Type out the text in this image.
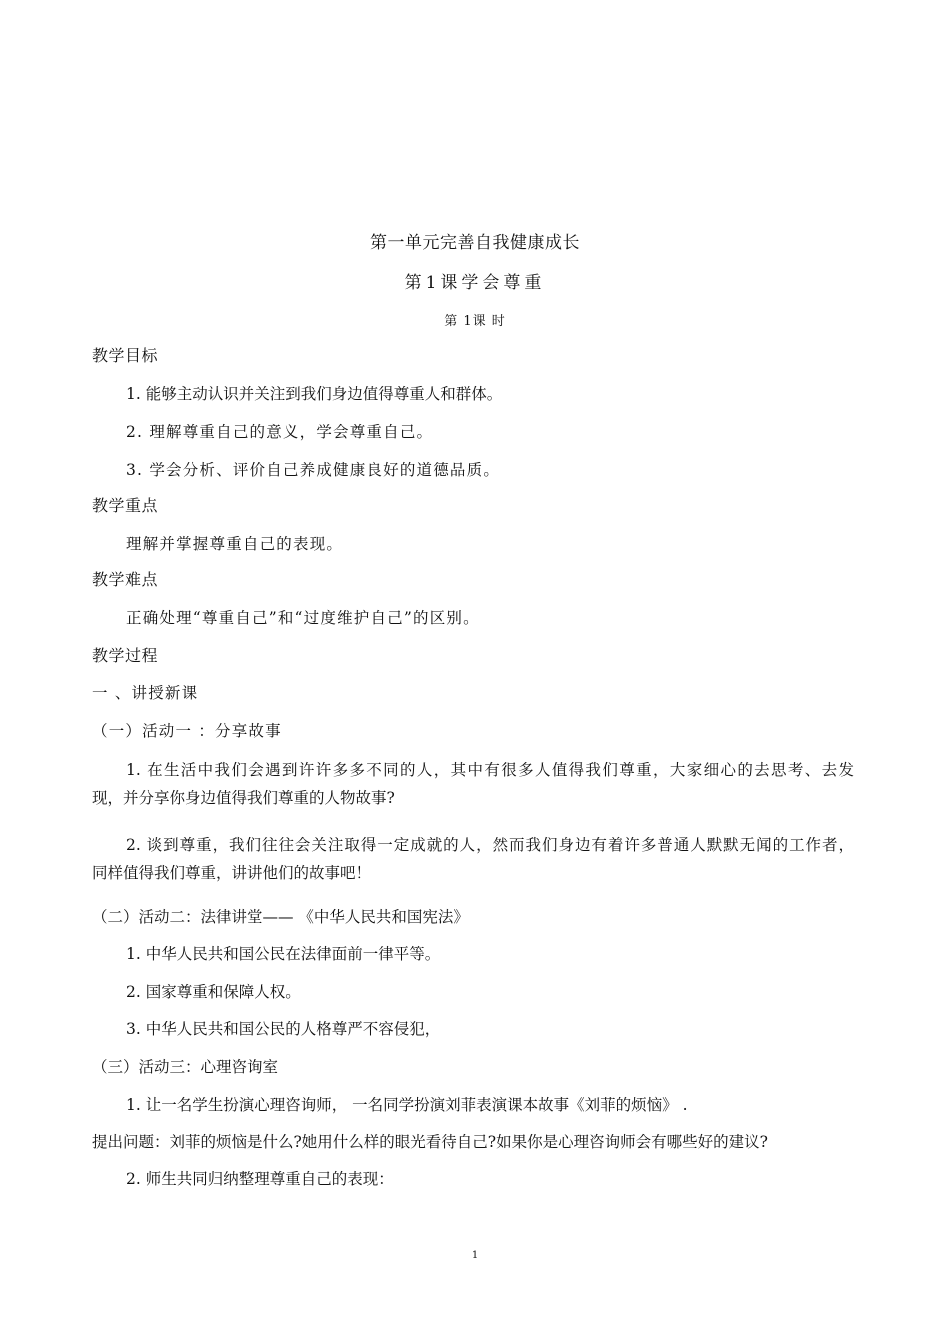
第一单元完善自我健康成长
第1课学会尊重
第 1课 时
教学目标
1. 能够主动认识并关注到我们身边值得尊重人和群体。
2. 理解尊重自己的意义，学会尊重自己。
3. 学会分析、评价自己养成健康良好的道德品质。
教学重点
理解并掌握尊重自己的表现。
教学难点
正确处理“尊重自己”和“过度维护自己”的区别。
教学过程
一 、讲授新课
（一）活动一 ：分享故事
1. 在生活中我们会遇到许许多多不同的人，其中有很多人值得我们尊重，大家细心的去思考、去发
现，并分享你身边值得我们尊重的人物故事?
2. 谈到尊重，我们往往会关注取得一定成就的人，然而我们身边有着许多普通人默默无闻的工作者，
同样值得我们尊重，讲讲他们的故事吧！
（二）活动二：法律讲堂—— 《中华人民共和国宪法》
1. 中华人民共和国公民在法律面前一律平等。
2. 国家尊重和保障人权。
3. 中华人民共和国公民的人格尊严不容侵犯，
（三）活动三：心理咨询室
1. 让一名学生扮演心理咨询师， 一名同学扮演刘菲表演课本故事《刘菲的烦恼》 .
提出问题：刘菲的烦恼是什么?她用什么样的眼光看待自己?如果你是心理咨询师会有哪些好的建议?
2. 师生共同归纳整理尊重自己的表现：
1
